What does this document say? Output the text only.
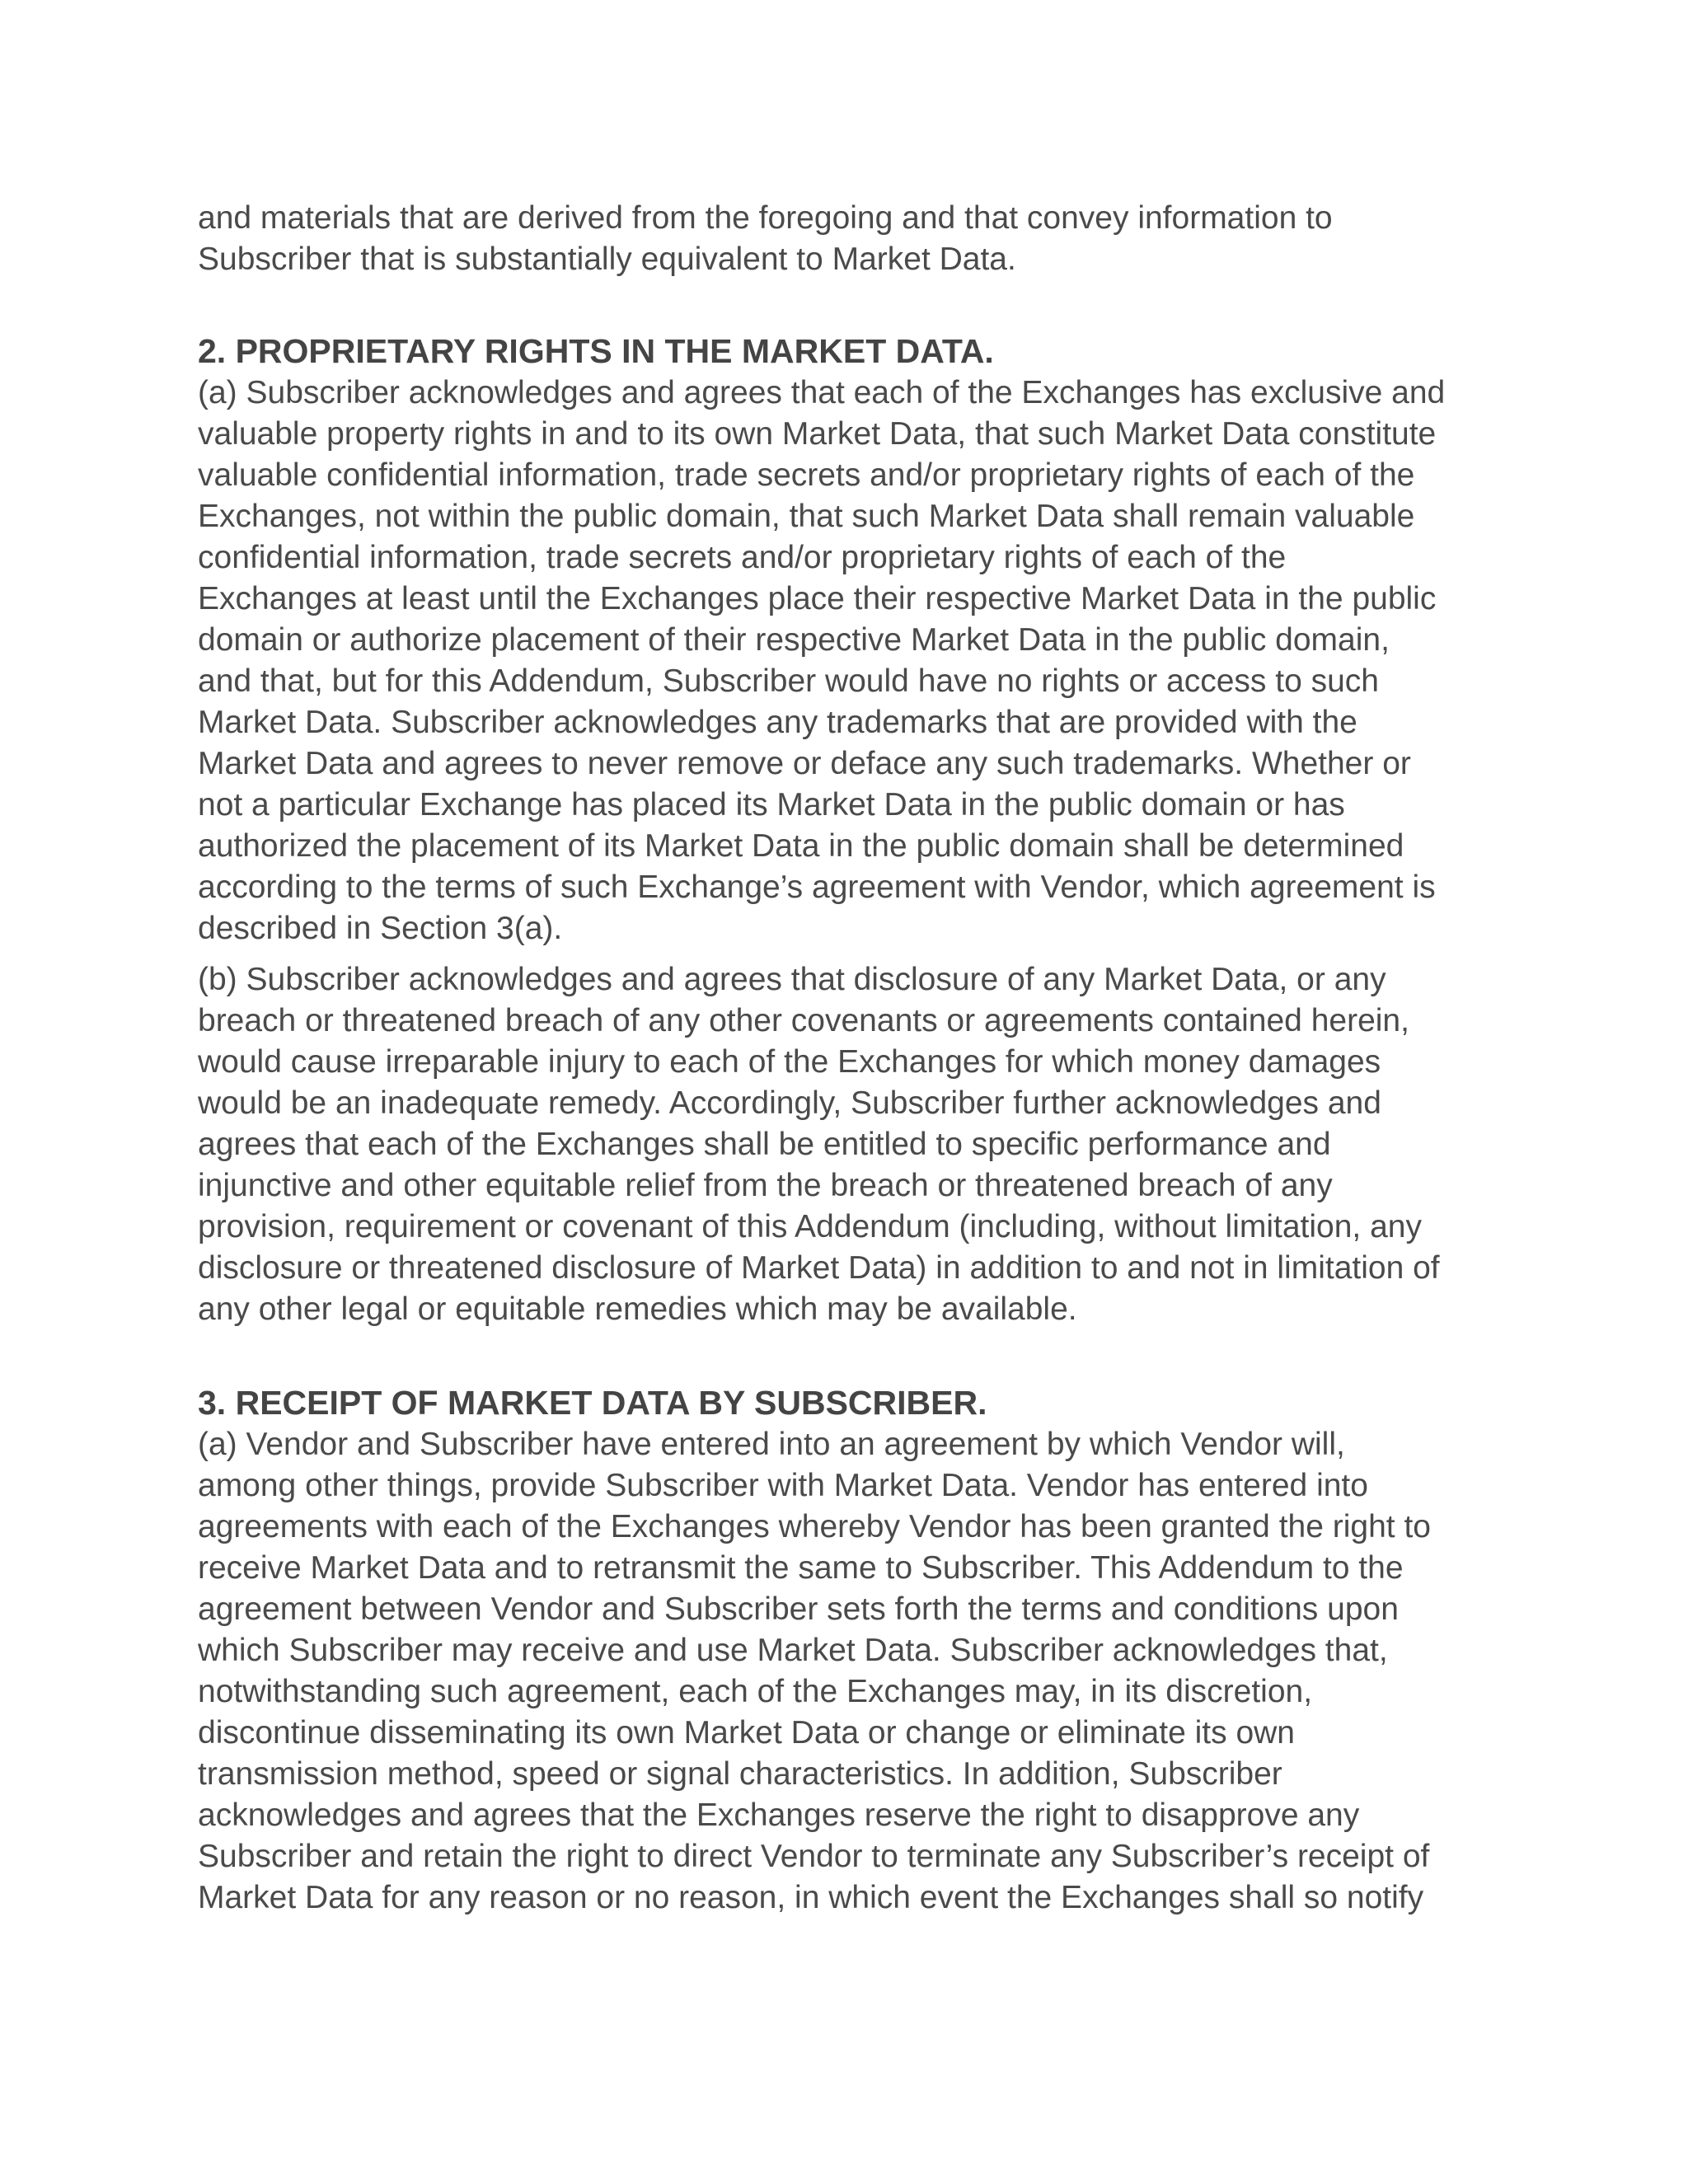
and materials that are derived from the foregoing and that convey information to
Subscriber that is substantially equivalent to Market Data.
2. PROPRIETARY RIGHTS IN THE MARKET DATA.
(a) Subscriber acknowledges and agrees that each of the Exchanges has exclusive and
valuable property rights in and to its own Market Data, that such Market Data constitute
valuable confidential information, trade secrets and/or proprietary rights of each of the
Exchanges, not within the public domain, that such Market Data shall remain valuable
confidential information, trade secrets and/or proprietary rights of each of the
Exchanges at least until the Exchanges place their respective Market Data in the public
domain or authorize placement of their respective Market Data in the public domain,
and that, but for this Addendum, Subscriber would have no rights or access to such
Market Data. Subscriber acknowledges any trademarks that are provided with the
Market Data and agrees to never remove or deface any such trademarks. Whether or
not a particular Exchange has placed its Market Data in the public domain or has
authorized the placement of its Market Data in the public domain shall be determined
according to the terms of such Exchange’s agreement with Vendor, which agreement is
described in Section 3(a).
(b) Subscriber acknowledges and agrees that disclosure of any Market Data, or any
breach or threatened breach of any other covenants or agreements contained herein,
would cause irreparable injury to each of the Exchanges for which money damages
would be an inadequate remedy. Accordingly, Subscriber further acknowledges and
agrees that each of the Exchanges shall be entitled to specific performance and
injunctive and other equitable relief from the breach or threatened breach of any
provision, requirement or covenant of this Addendum (including, without limitation, any
disclosure or threatened disclosure of Market Data) in addition to and not in limitation of
any other legal or equitable remedies which may be available.
3. RECEIPT OF MARKET DATA BY SUBSCRIBER.
(a) Vendor and Subscriber have entered into an agreement by which Vendor will,
among other things, provide Subscriber with Market Data. Vendor has entered into
agreements with each of the Exchanges whereby Vendor has been granted the right to
receive Market Data and to retransmit the same to Subscriber. This Addendum to the
agreement between Vendor and Subscriber sets forth the terms and conditions upon
which Subscriber may receive and use Market Data. Subscriber acknowledges that,
notwithstanding such agreement, each of the Exchanges may, in its discretion,
discontinue disseminating its own Market Data or change or eliminate its own
transmission method, speed or signal characteristics. In addition, Subscriber
acknowledges and agrees that the Exchanges reserve the right to disapprove any
Subscriber and retain the right to direct Vendor to terminate any Subscriber’s receipt of
Market Data for any reason or no reason, in which event the Exchanges shall so notify
